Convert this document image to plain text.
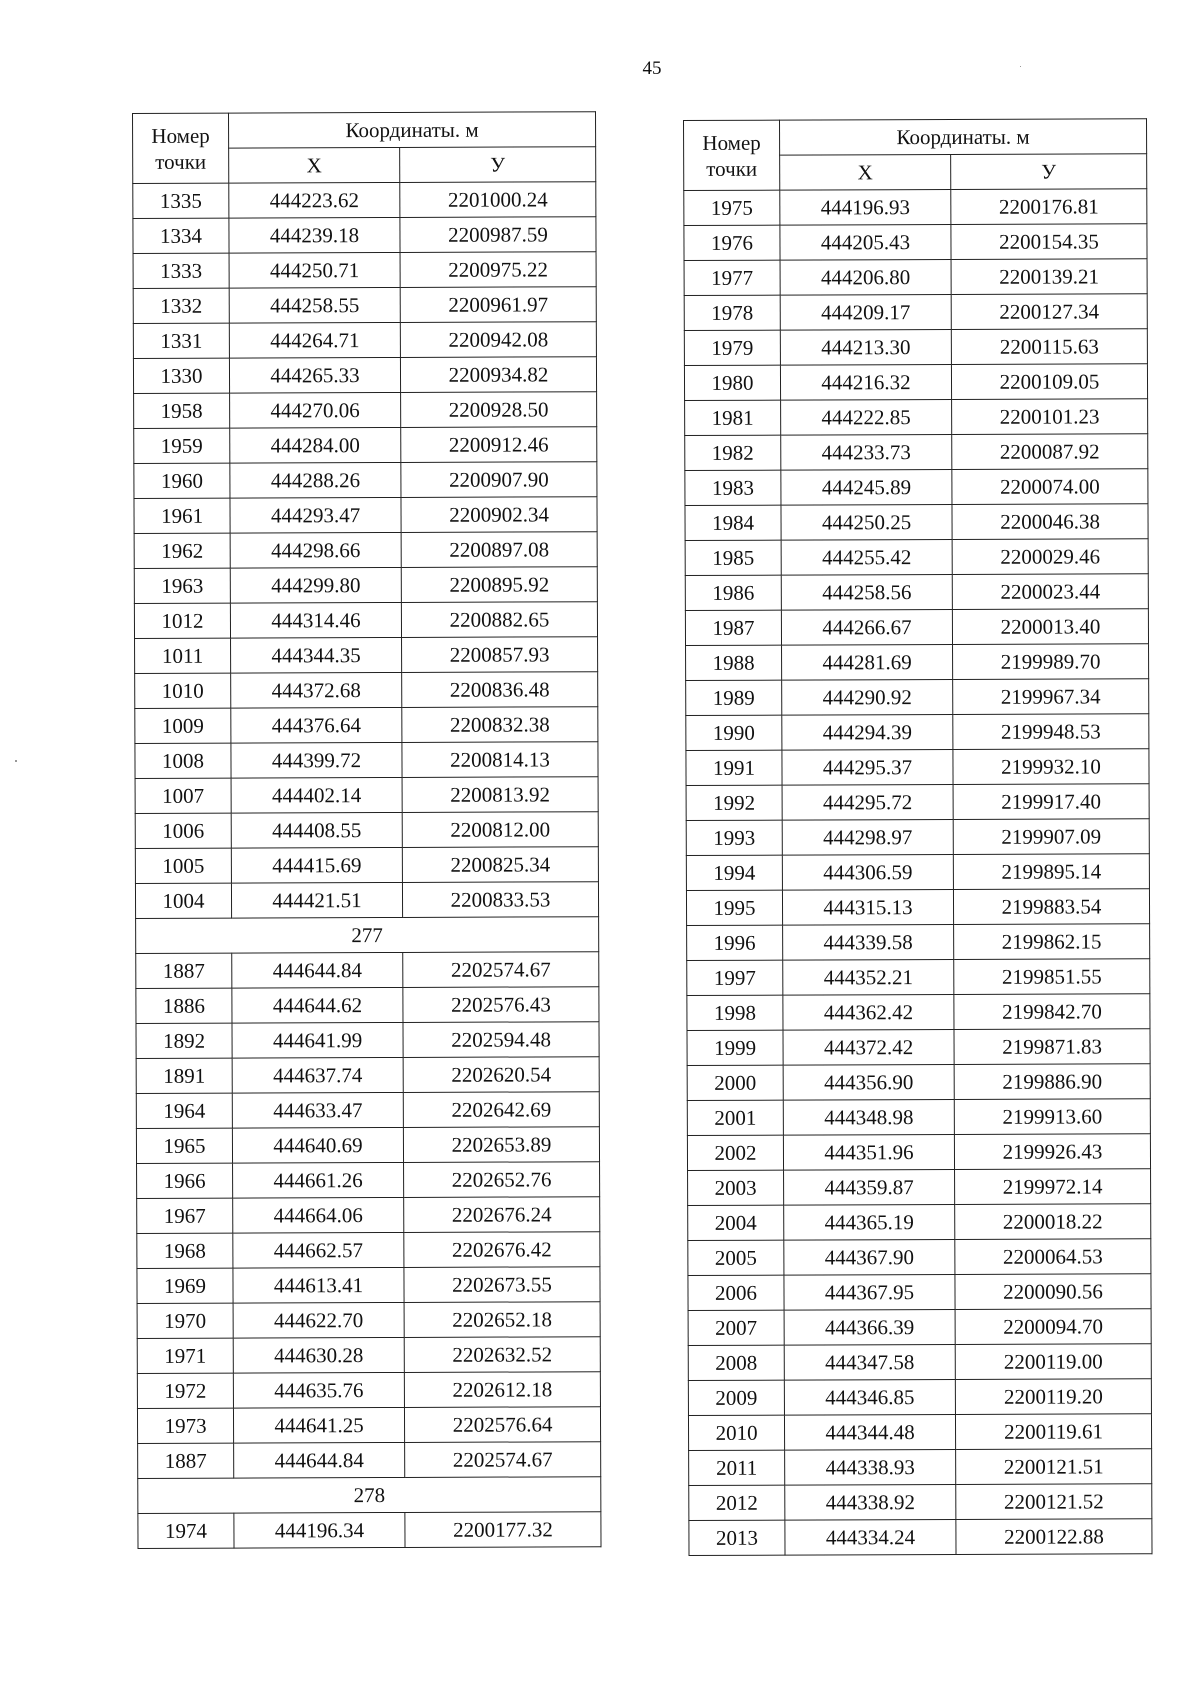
45
Номер точки	Координаты. м	
	Х	У
1335	444223.62	2201000.24
1334	444239.18	2200987.59
1333	444250.71	2200975.22
1332	444258.55	2200961.97
1331	444264.71	2200942.08
1330	444265.33	2200934.82
1958	444270.06	2200928.50
1959	444284.00	2200912.46
1960	444288.26	2200907.90
1961	444293.47	2200902.34
1962	444298.66	2200897.08
1963	444299.80	2200895.92
1012	444314.46	2200882.65
1011	444344.35	2200857.93
1010	444372.68	2200836.48
1009	444376.64	2200832.38
1008	444399.72	2200814.13
1007	444402.14	2200813.92
1006	444408.55	2200812.00
1005	444415.69	2200825.34
1004	444421.51	2200833.53
277		
1887	444644.84	2202574.67
1886	444644.62	2202576.43
1892	444641.99	2202594.48
1891	444637.74	2202620.54
1964	444633.47	2202642.69
1965	444640.69	2202653.89
1966	444661.26	2202652.76
1967	444664.06	2202676.24
1968	444662.57	2202676.42
1969	444613.41	2202673.55
1970	444622.70	2202652.18
1971	444630.28	2202632.52
1972	444635.76	2202612.18
1973	444641.25	2202576.64
1887	444644.84	2202574.67
278		
1974	444196.34	2200177.32
Номер точки	Координаты. м	
	Х	У
1975	444196.93	2200176.81
1976	444205.43	2200154.35
1977	444206.80	2200139.21
1978	444209.17	2200127.34
1979	444213.30	2200115.63
1980	444216.32	2200109.05
1981	444222.85	2200101.23
1982	444233.73	2200087.92
1983	444245.89	2200074.00
1984	444250.25	2200046.38
1985	444255.42	2200029.46
1986	444258.56	2200023.44
1987	444266.67	2200013.40
1988	444281.69	2199989.70
1989	444290.92	2199967.34
1990	444294.39	2199948.53
1991	444295.37	2199932.10
1992	444295.72	2199917.40
1993	444298.97	2199907.09
1994	444306.59	2199895.14
1995	444315.13	2199883.54
1996	444339.58	2199862.15
1997	444352.21	2199851.55
1998	444362.42	2199842.70
1999	444372.42	2199871.83
2000	444356.90	2199886.90
2001	444348.98	2199913.60
2002	444351.96	2199926.43
2003	444359.87	2199972.14
2004	444365.19	2200018.22
2005	444367.90	2200064.53
2006	444367.95	2200090.56
2007	444366.39	2200094.70
2008	444347.58	2200119.00
2009	444346.85	2200119.20
2010	444344.48	2200119.61
2011	444338.93	2200121.51
2012	444338.92	2200121.52
2013	444334.24	2200122.88
